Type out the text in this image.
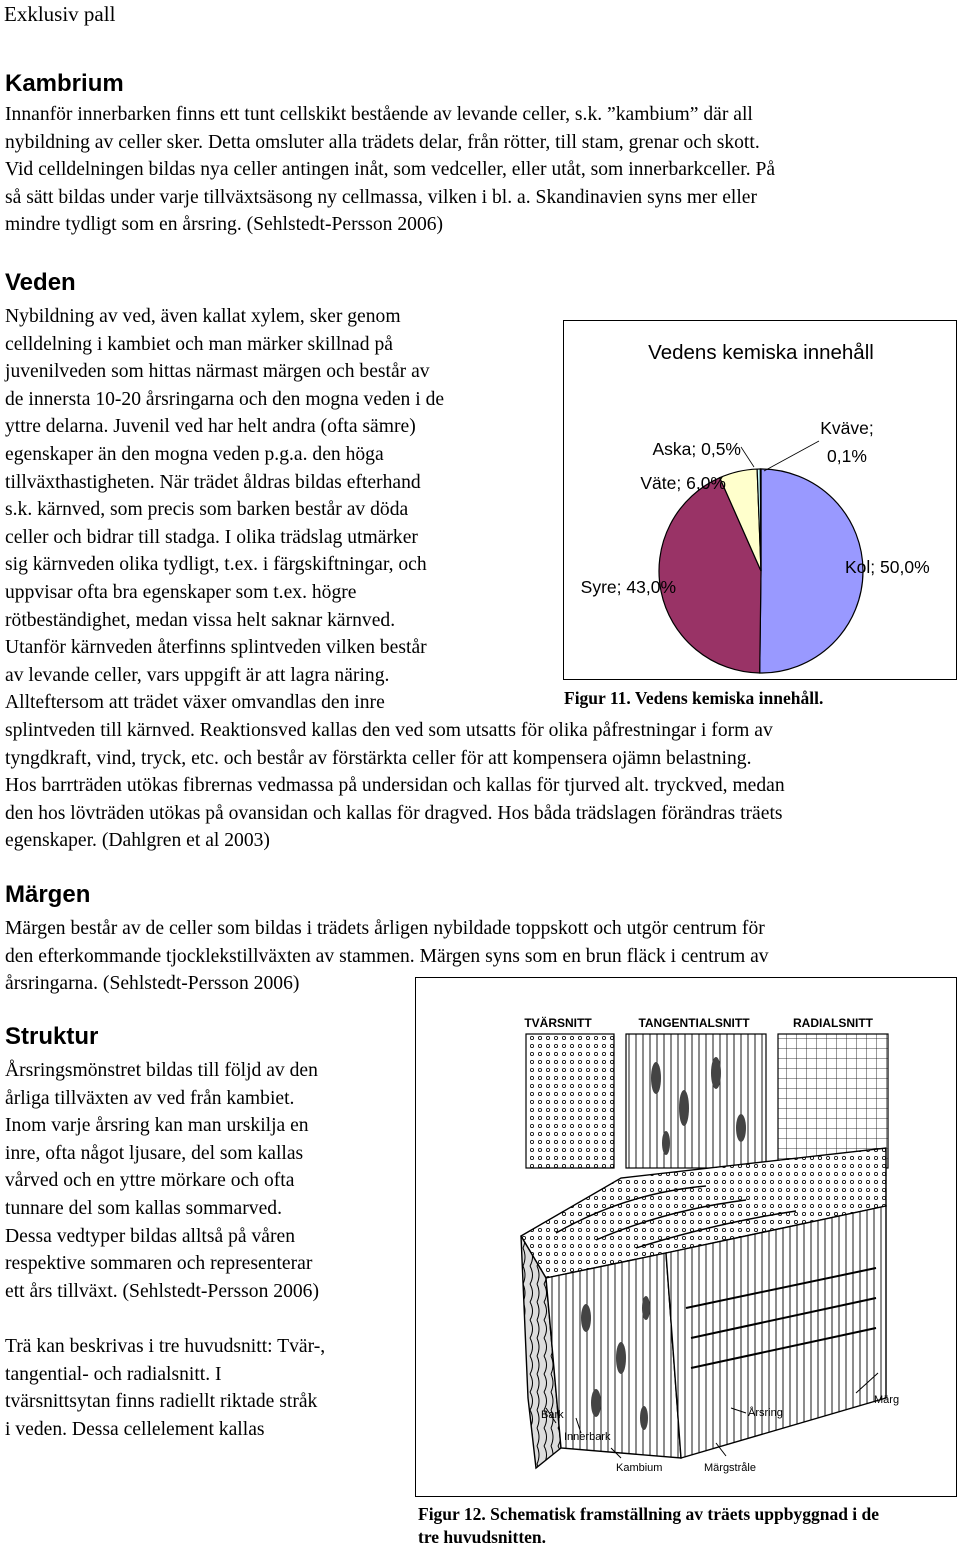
Exklusiv pall
Kambrium
Innanför innerbarken finns ett tunt cellskikt bestående av levande celler, s.k. ”kambium” där all
nybildning av celler sker. Detta omsluter alla trädets delar, från rötter, till stam, grenar och skott.
Vid celldelningen bildas nya celler antingen inåt, som vedceller, eller utåt, som innerbarkceller. På
så sätt bildas under varje tillväxtsäsong ny cellmassa, vilken i bl. a. Skandinavien syns mer eller
mindre tydligt som en årsring. (Sehlstedt-Persson 2006)
Veden
Nybildning av ved, även kallat xylem, sker genom
celldelning i kambiet och man märker skillnad på
juvenilveden som hittas närmast märgen och består av
de innersta 10-20 årsringarna och den mogna veden i de
yttre delarna. Juvenil ved har helt andra (ofta sämre)
egenskaper än den mogna veden p.g.a. den höga
tillväxthastigheten. När trädet åldras bildas efterhand
s.k. kärnved, som precis som barken består av döda
celler och bidrar till stadga. I olika trädslag utmärker
sig kärnveden olika tydligt, t.ex. i färgskiftningar, och
uppvisar ofta bra egenskaper som t.ex. högre
rötbeständighet, medan vissa helt saknar kärnved.
Utanför kärnveden återfinns splintveden vilken består
av levande celler, vars uppgift är att lagra näring.
Allteftersom att trädet växer omvandlas den inre
splintveden till kärnved. Reaktionsved kallas den ved som utsatts för olika påfrestningar i form av
tyngdkraft, vind, tryck, etc. och består av förstärkta celler för att kompensera ojämn belastning.
Hos barrträden utökas fibrernas vedmassa på undersidan och kallas för tjurved alt. tryckved, medan
den hos lövträden utökas på ovansidan och kallas för dragved. Hos båda trädslagen förändras träets
egenskaper. (Dahlgren et al 2003)
Vedens kemiska innehåll
Aska; 0,5%
Väte; 6,0%
Syre; 43,0%
Kol; 50,0%
Kväve;
0,1%
Figur 11. Vedens kemiska innehåll.
Märgen
Märgen består av de celler som bildas i trädets årligen nybildade toppskott och utgör centrum för
den efterkommande tjocklekstillväxten av stammen. Märgen syns som en brun fläck i centrum av
årsringarna. (Sehlstedt-Persson 2006)
Struktur
Årsringsmönstret bildas till följd av den
årliga tillväxten av ved från kambiet.
Inom varje årsring kan man urskilja en
inre, ofta något ljusare, del som kallas
vårved och en yttre mörkare och ofta
tunnare del som kallas sommarved.
Dessa vedtyper bildas alltså på våren
respektive sommaren och representerar
ett års tillväxt. (Sehlstedt-Persson 2006)
Trä kan beskrivas i tre huvudsnitt: Tvär-,
tangential- och radialsnitt. I
tvärsnittsytan finns radiellt riktade stråk
i veden. Dessa cellelement kallas
TVÄRSNITT	TANGENTIALSNITT	RADIALSNITT
Märg
Bark
Innerbark
Årsring
Kambium	Märgstråle
Figur 12. Schematisk framställning av träets uppbyggnad i de
tre huvudsnitten.
